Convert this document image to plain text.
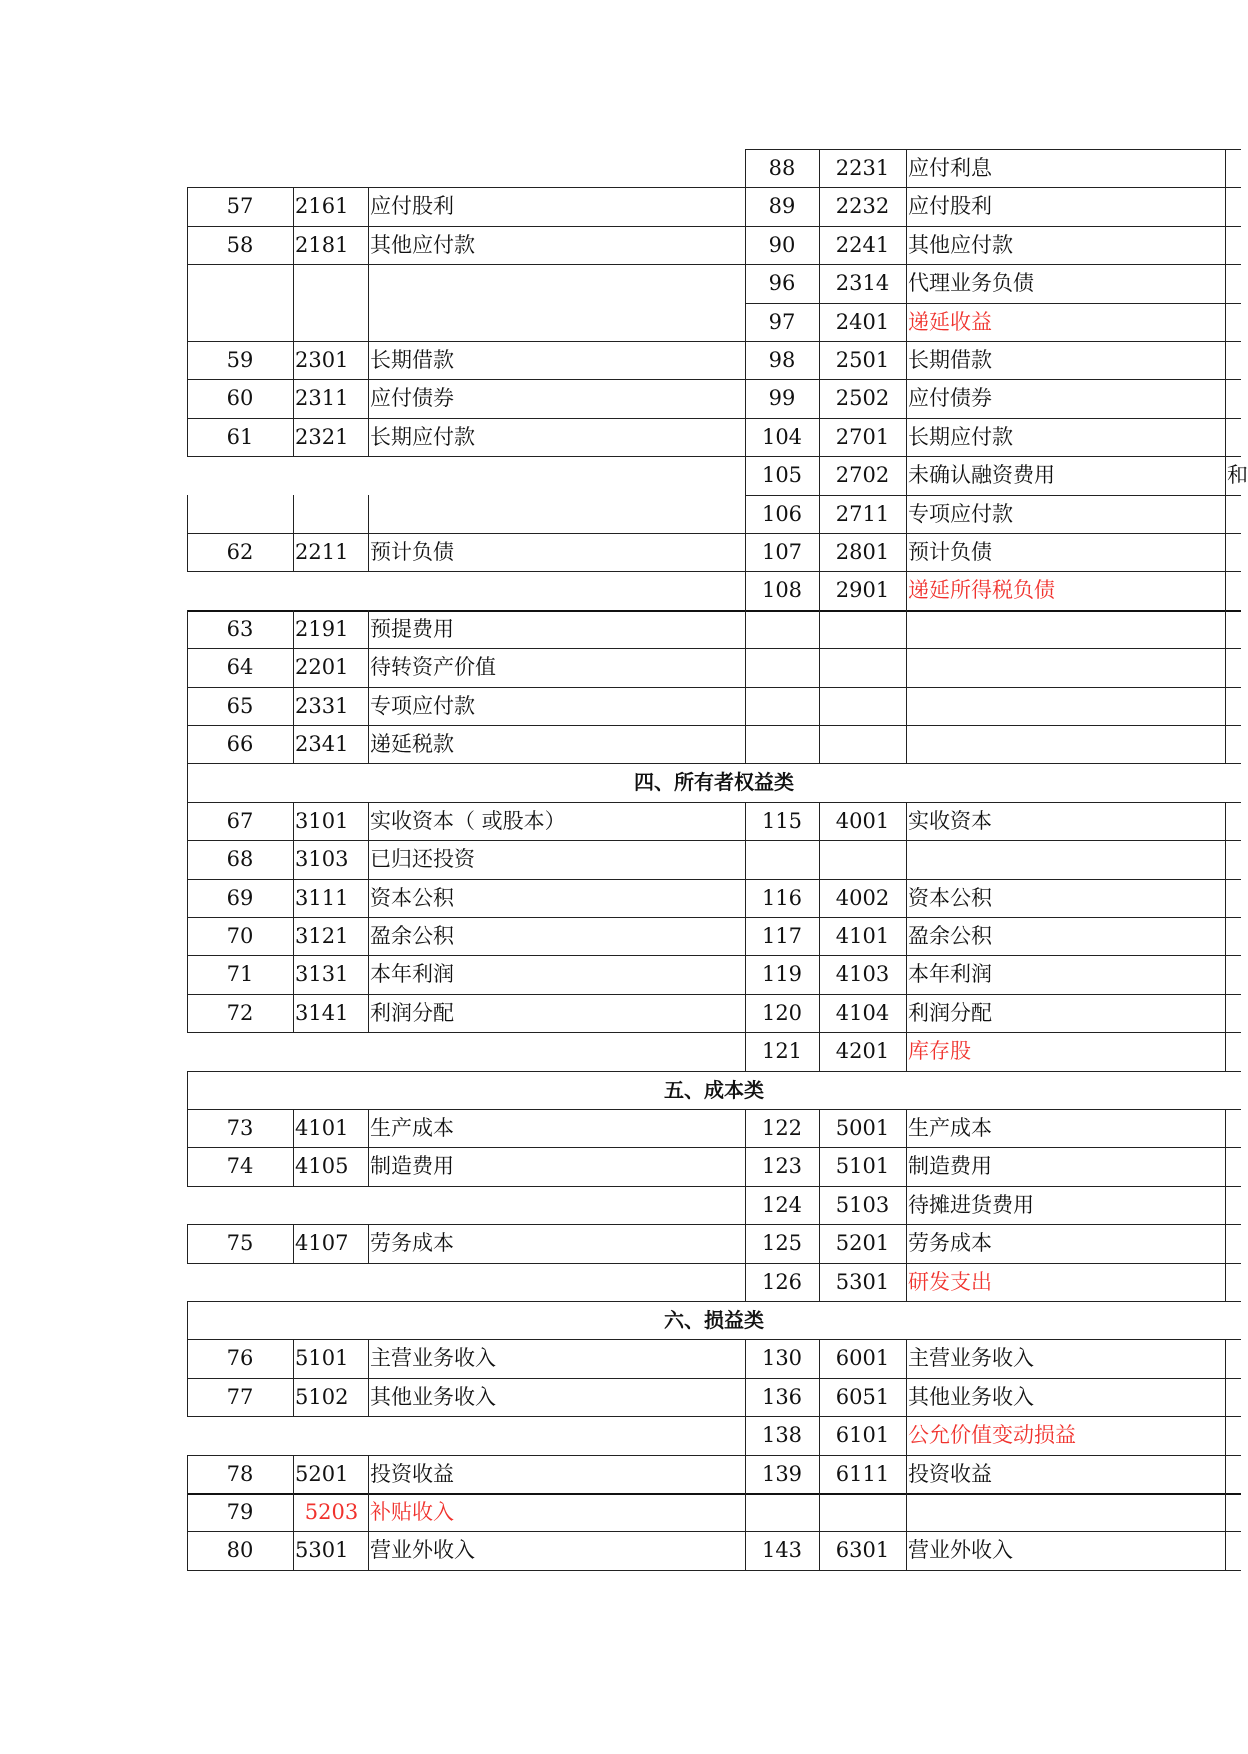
88	2231 应付利息
57	2161	应付股利	89	2232 应付股利
58	2181	其他应付款	90	2241 其他应付款
96	2314 代理业务负债
97	2401 递延收益
59	2301	长期借款	98	2501 长期借款
60	2311	应付债券	99	2502 应付债券
61	2321	长期应付款	104	2701 长期应付款
105	2702 未确认融资费用	和
106	2711 专项应付款
62	2211	预计负债	107	2801 预计负债
108	2901 递延所得税负债
63	2191	预提费用
64	2201	待转资产价值
65	2331	专项应付款
66	2341	递延税款
四、所有者权益类
67	3101	实收资本（ 或股本）	115	4001 实收资本
68	3103	已归还投资
69	3111	资本公积	116	4002 资本公积
70	3121	盈余公积	117	4101 盈余公积
71	3131	本年利润	119	4103 本年利润
72	3141	利润分配	120	4104 利润分配
121	4201 库存股
五、成本类
73	4101	生产成本	122	5001 生产成本
74	4105	制造费用	123	5101 制造费用
124	5103 待摊进货费用
75	4107	劳务成本	125	5201 劳务成本
126	5301 研发支出
六、损益类
76	5101	主营业务收入	130	6001 主营业务收入
77	5102	其他业务收入	136	6051 其他业务收入
138	6101 公允价值变动损益
78	5201	投资收益	139	6111 投资收益
79	5203 补贴收入
80	5301	营业外收入	143	6301 营业外收入
